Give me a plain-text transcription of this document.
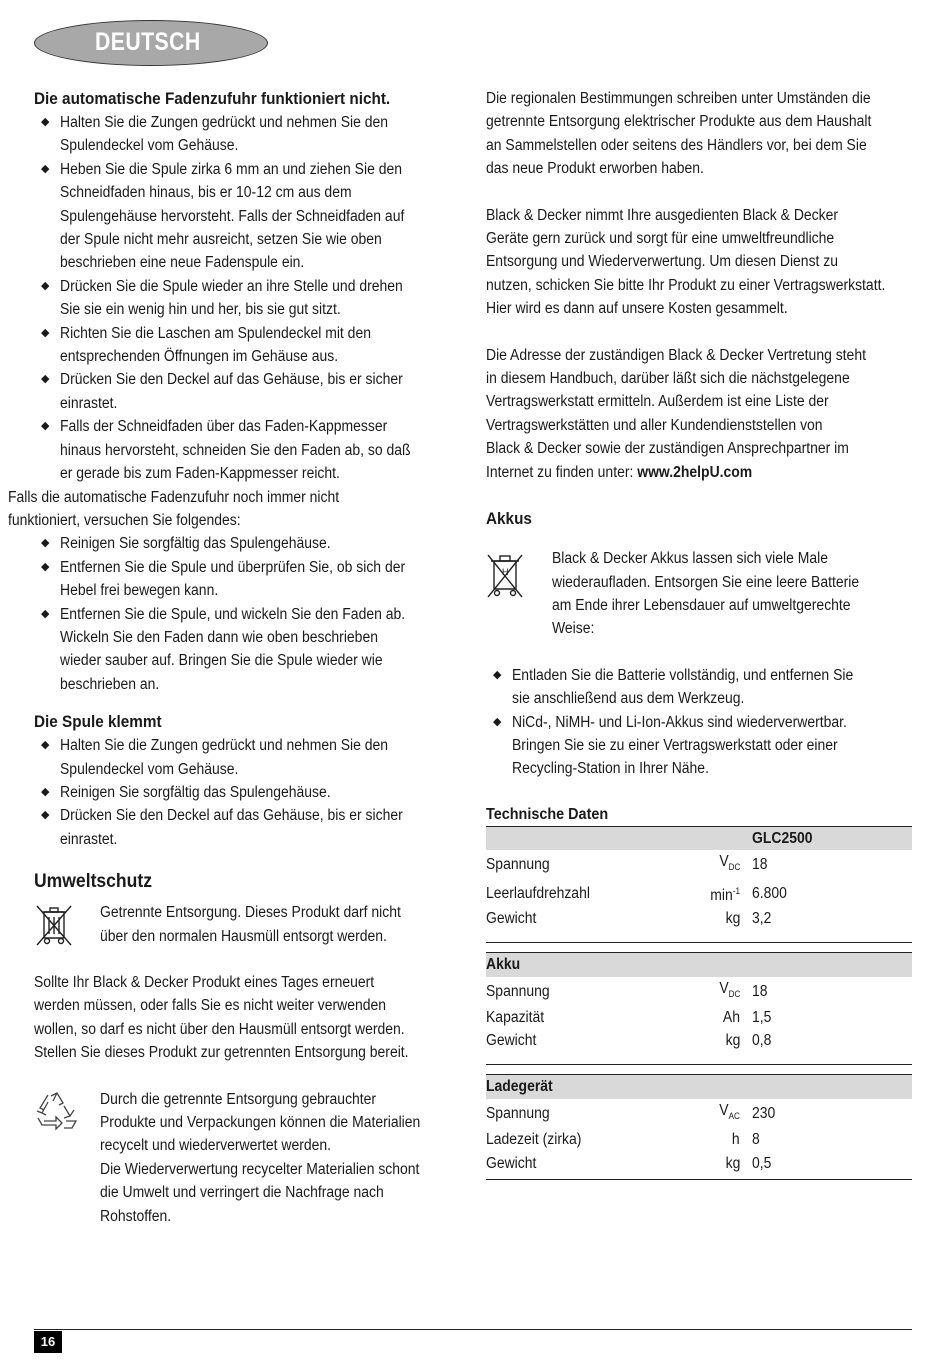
DEUTSCH
Die automatische Fadenzufuhr funktioniert nicht.
◆ Halten Sie die Zungen gedrückt und nehmen Sie den
Spulendeckel vom Gehäuse.
◆ Heben Sie die Spule zirka 6 mm an und ziehen Sie den
Schneidfaden hinaus, bis er 10-12 cm aus dem
Spulengehäuse hervorsteht. Falls der Schneidfaden auf
der Spule nicht mehr ausreicht, setzen Sie wie oben
beschrieben eine neue Fadenspule ein.
◆ Drücken Sie die Spule wieder an ihre Stelle und drehen
Sie sie ein wenig hin und her, bis sie gut sitzt.
◆ Richten Sie die Laschen am Spulendeckel mit den
entsprechenden Öffnungen im Gehäuse aus.
◆ Drücken Sie den Deckel auf das Gehäuse, bis er sicher
einrastet.
◆ Falls der Schneidfaden über das Faden-Kappmesser
hinaus hervorsteht, schneiden Sie den Faden ab, so daß
er gerade bis zum Faden-Kappmesser reicht.
Falls die automatische Fadenzufuhr noch immer nicht
funktioniert, versuchen Sie folgendes:
◆ Reinigen Sie sorgfältig das Spulengehäuse.
◆ Entfernen Sie die Spule und überprüfen Sie, ob sich der
Hebel frei bewegen kann.
◆ Entfernen Sie die Spule, und wickeln Sie den Faden ab.
Wickeln Sie den Faden dann wie oben beschrieben
wieder sauber auf. Bringen Sie die Spule wieder wie
beschrieben an.
Die Spule klemmt
◆ Halten Sie die Zungen gedrückt und nehmen Sie den
Spulendeckel vom Gehäuse.
◆ Reinigen Sie sorgfältig das Spulengehäuse.
◆ Drücken Sie den Deckel auf das Gehäuse, bis er sicher
einrastet.
Umweltschutz
Getrennte Entsorgung. Dieses Produkt darf nicht
über den normalen Hausmüll entsorgt werden.
Sollte Ihr Black & Decker Produkt eines Tages erneuert
werden müssen, oder falls Sie es nicht weiter verwenden
wollen, so darf es nicht über den Hausmüll entsorgt werden.
Stellen Sie dieses Produkt zur getrennten Entsorgung bereit.
Durch die getrennte Entsorgung gebrauchter
Produkte und Verpackungen können die Materialien
recycelt und wiederverwertet werden.
Die Wiederverwertung recycelter Materialien schont
die Umwelt und verringert die Nachfrage nach
Rohstoffen.
Die regionalen Bestimmungen schreiben unter Umständen die
getrennte Entsorgung elektrischer Produkte aus dem Haushalt
an Sammelstellen oder seitens des Händlers vor, bei dem Sie
das neue Produkt erworben haben.
Black & Decker nimmt Ihre ausgedienten Black & Decker
Geräte gern zurück und sorgt für eine umweltfreundliche
Entsorgung und Wiederverwertung. Um diesen Dienst zu
nutzen, schicken Sie bitte Ihr Produkt zu einer Vertragswerkstatt.
Hier wird es dann auf unsere Kosten gesammelt.
Die Adresse der zuständigen Black & Decker Vertretung steht
in diesem Handbuch, darüber läßt sich die nächstgelegene
Vertragswerkstatt ermitteln. Außerdem ist eine Liste der
Vertragswerkstätten und aller Kundendienststellen von
Black & Decker sowie der zuständigen Ansprechpartner im
Internet zu finden unter: www.2helpU.com
Akkus
H
Black & Decker Akkus lassen sich viele Male
wiederaufladen. Entsorgen Sie eine leere Batterie
am Ende ihrer Lebensdauer auf umweltgerechte
Weise:
◆ Entladen Sie die Batterie vollständig, und entfernen Sie
sie anschließend aus dem Werkzeug.
◆ NiCd-, NiMH- und Li-Ion-Akkus sind wiederverwertbar.
Bringen Sie sie zu einer Vertragswerkstatt oder einer
Recycling-Station in Ihrer Nähe.
Technische Daten
		GLC2500
Spannung	$V_{DC}$	18
Leerlaufdrehzahl	$\min^{-1}$	6.800
Gewicht	kg	3,2

Akku		
Spannung	$V_{DC}$	18
Kapazität	Ah	1,5
Gewicht	kg	0,8

Ladegerät		
Spannung	$V_{AC}$	230
Ladezeit (zirka)	h	8
Gewicht	kg	0,5

16
